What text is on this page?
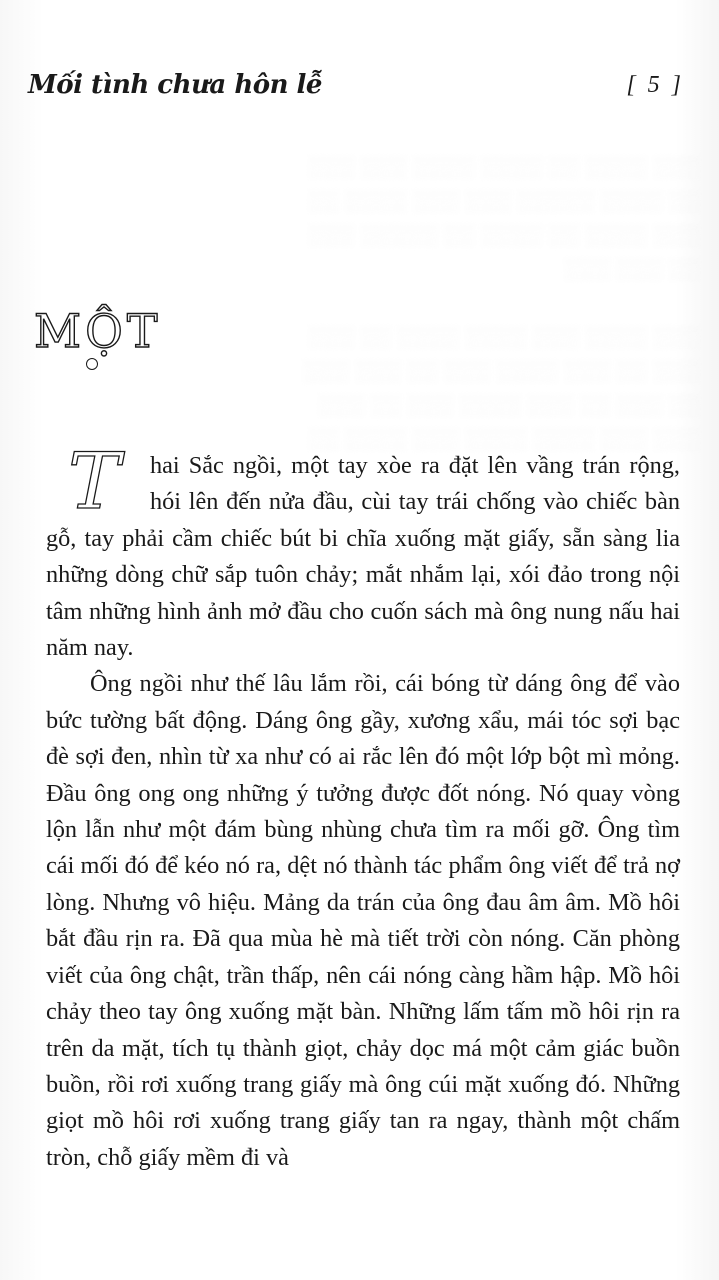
░░░ ░░░░ ░░ ░░░░ ░░░░ ░░░ ░░░
░░ ░░░░ ░░░░░ ░░░ ░░░ ░░░░ ░░
░░░ ░░░░ ░░ ░░░░ ░░ ░░░░░ ░░░
░░ ░░░ ░░░

░░░ ░░░░ ░░░ ░░░░ ░░░░ ░░ ░░░
░░░ ░░ ░░░ ░░░░ ░░░ ░░ ░░░ ░░░
░░ ░░░ ░░ ░░░ ░░░░ ░░░ ░░ ░░░
░░░ ░░░ ░░░░ ░░░░ ░░░ ░░░░ ░░
Mối tình chưa hôn lễ	[ 5 ]
MỘT

T	hai Sắc ngồi, một tay xòe ra đặt lên vầng trán rộng, hói lên đến nửa đầu, cùi tay trái chống vào chiếc bàn gỗ, tay phải cầm chiếc bút bi chĩa xuống mặt giấy, sẵn sàng lia những dòng chữ sắp tuôn chảy; mắt nhắm lại, xói đảo trong nội tâm những hình ảnh mở đầu cho cuốn sách mà ông nung nấu hai năm nay.

Ông ngồi như thế lâu lắm rồi, cái bóng từ dáng ông để vào bức tường bất động. Dáng ông gầy, xương xẩu, mái tóc sợi bạc đè sợi đen, nhìn từ xa như có ai rắc lên đó một lớp bột mì mỏng. Đầu ông ong ong những ý tưởng được đốt nóng. Nó quay vòng lộn lẫn như một đám bùng nhùng chưa tìm ra mối gỡ. Ông tìm cái mối đó để kéo nó ra, dệt nó thành tác phẩm ông viết để trả nợ lòng. Nhưng vô hiệu. Mảng da trán của ông đau âm âm. Mồ hôi bắt đầu rịn ra. Đã qua mùa hè mà tiết trời còn nóng. Căn phòng viết của ông chật, trần thấp, nên cái nóng càng hầm hập. Mồ hôi chảy theo tay ông xuống mặt bàn. Những lấm tấm mồ hôi rịn ra trên da mặt, tích tụ thành giọt, chảy dọc má một cảm giác buồn buồn, rồi rơi xuống trang giấy mà ông cúi mặt xuống đó. Những giọt mồ hôi rơi xuống trang giấy tan ra ngay, thành một chấm tròn, chỗ giấy mềm đi và
